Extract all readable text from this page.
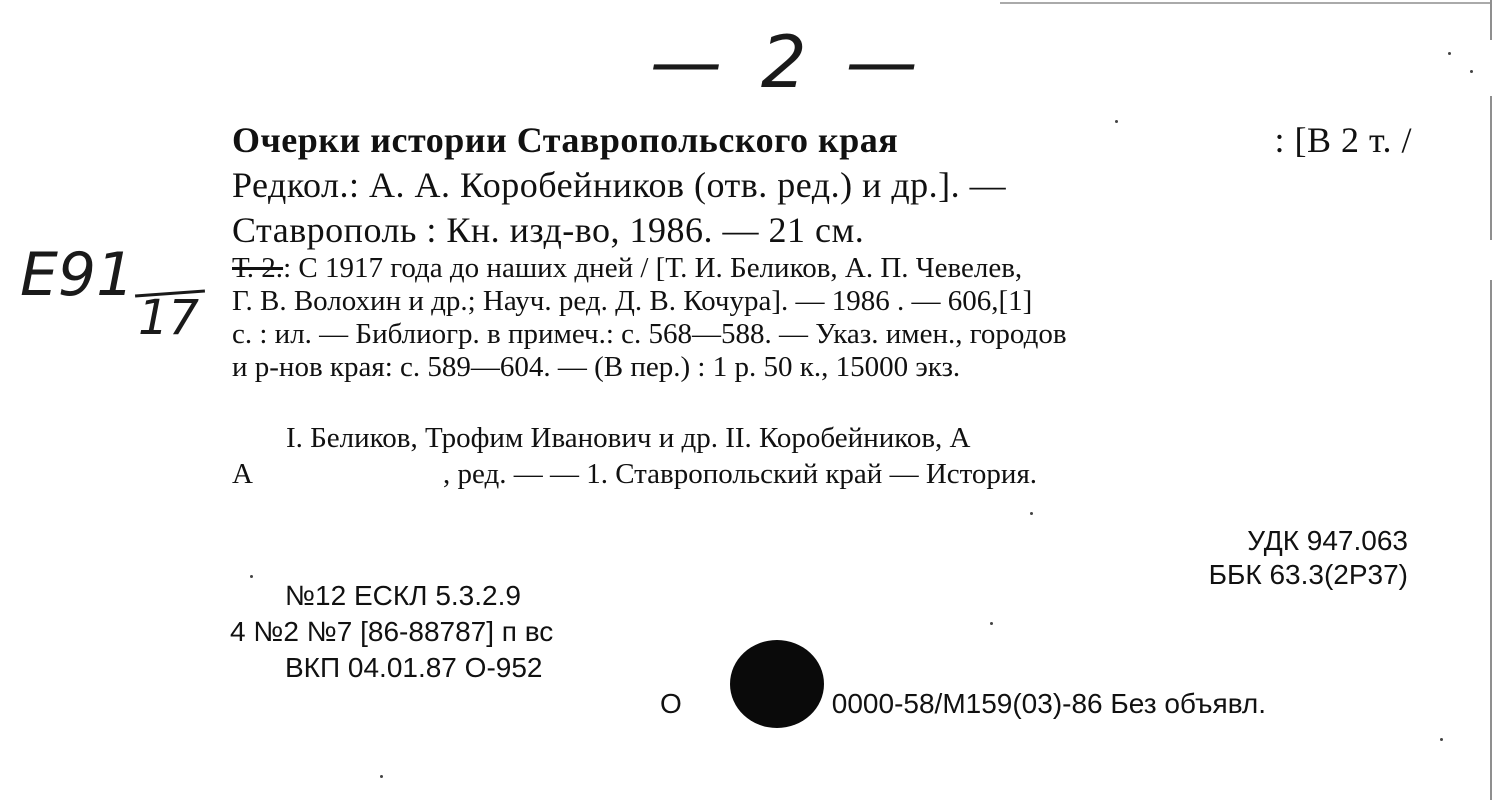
— 2 —
Е91
17
Очерки истории Ставропольского края	: [В 2 т. /
Редкол.: А. А. Коробейников (отв. ред.) и др.]. —
Ставрополь : Кн. изд-во, 1986. — 21 см.
Т. 2.: С 1917 года до наших дней / [Т. И. Беликов, А. П. Чевелев,
Г. В. Волохин и др.; Науч. ред. Д. В. Кочура]. — 1986 . — 606,[1]
с. : ил. — Библиогр. в примеч.: с. 568—588. — Указ. имен., городов
и р-нов края: с. 589—604. — (В пер.) : 1 р. 50 к., 15000 экз.
I. Беликов, Трофим Иванович и др. II. Коробейников, А
А	, ред. — — 1. Ставропольский край — История.
УДК 947.063
ББК 63.3(2Р37)
№12 ЕСКЛ 5.3.2.9
4 №2 №7 [86-88787] п вс
ВКП 04.01.87 О-952
О	0000-58/М159(03)-86 Без объявл.
